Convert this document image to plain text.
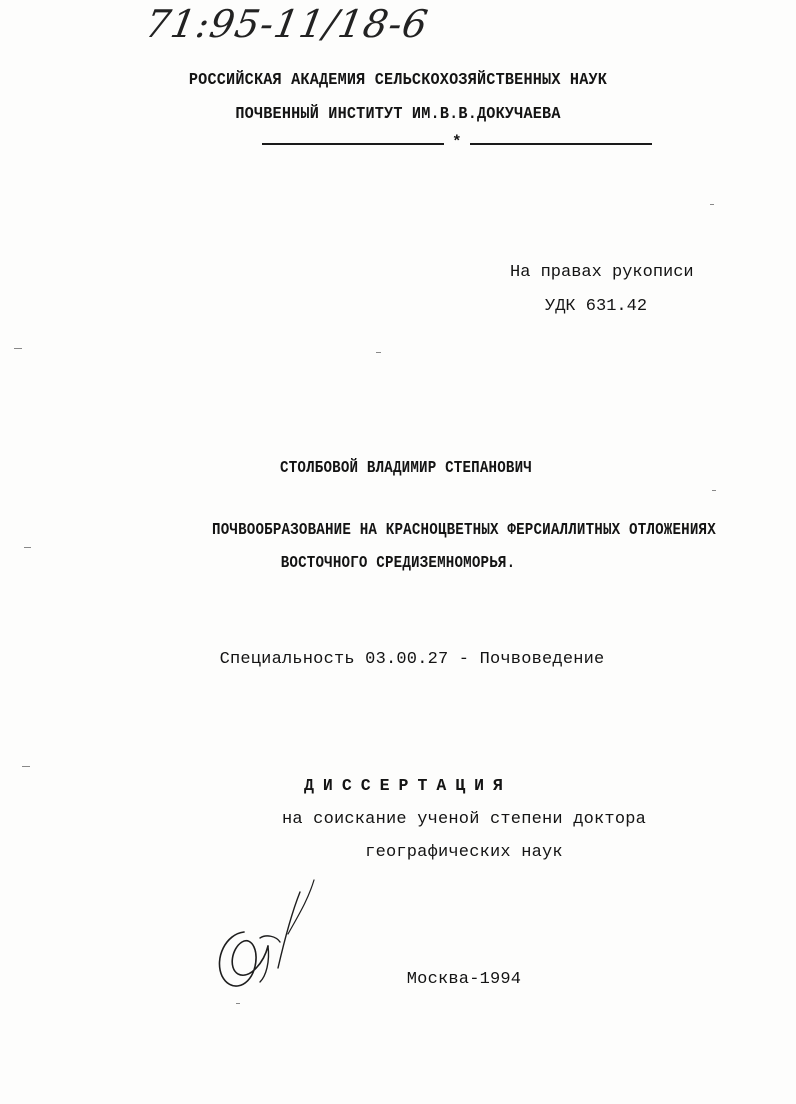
71:95-11/18-6
РОССИЙСКАЯ АКАДЕМИЯ СЕЛЬСКОХОЗЯЙСТВЕННЫХ НАУК
ПОЧВЕННЫЙ ИНСТИТУТ ИМ.В.В.ДОКУЧАЕВА
*
На правах рукописи
УДК 631.42
СТОЛБОВОЙ ВЛАДИМИР СТЕПАНОВИЧ
ПОЧВООБРАЗОВАНИЕ НА КРАСНОЦВЕТНЫХ ФЕРСИАЛЛИТНЫХ ОТЛОЖЕНИЯХ
ВОСТОЧНОГО СРЕДИЗЕМНОМОРЬЯ.
Специальность 03.00.27 - Почвоведение
ДИССЕРТАЦИЯ
на соискание ученой степени доктора
географических наук
Москва-1994
